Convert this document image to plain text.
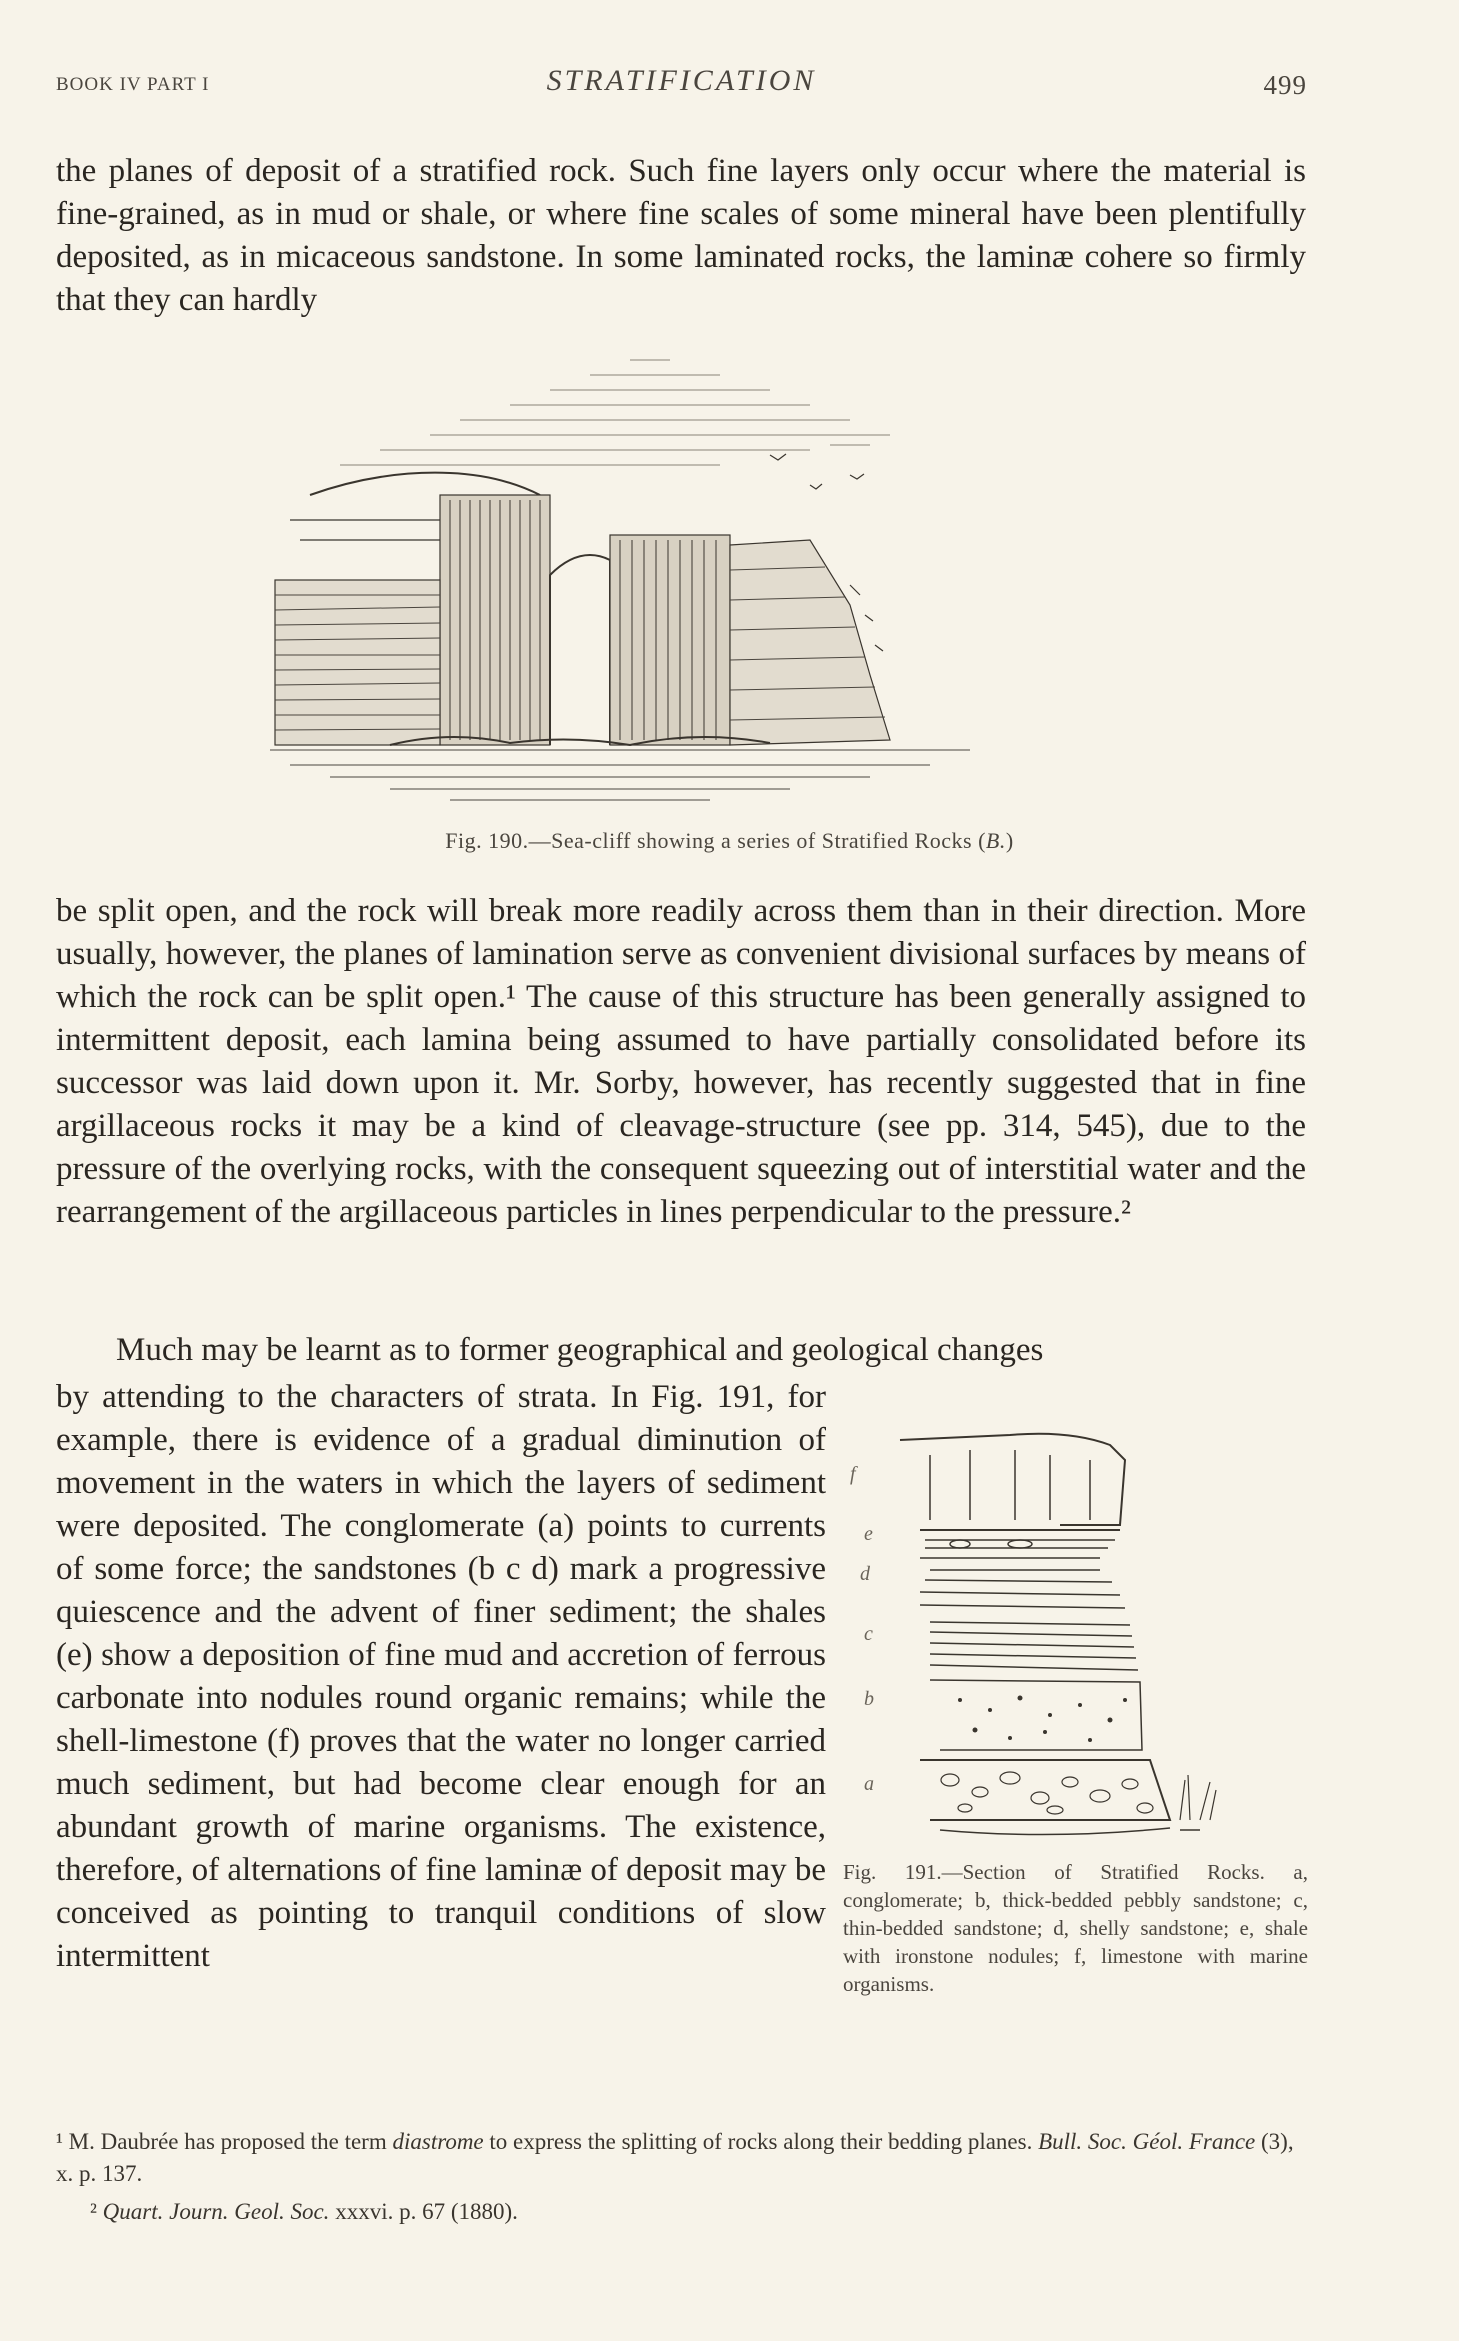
BOOK IV PART I	STRATIFICATION	499

the planes of deposit of a stratified rock. Such fine layers only occur where the material is fine-grained, as in mud or shale, or where fine scales of some mineral have been plentifully deposited, as in micaceous sandstone. In some laminated rocks, the laminæ cohere so firmly that they can hardly

Fig. 190.—Sea-cliff showing a series of Stratified Rocks (B.)

be split open, and the rock will break more readily across them than in their direction. More usually, however, the planes of lamination serve as convenient divisional surfaces by means of which the rock can be split open.¹ The cause of this structure has been generally assigned to intermittent deposit, each lamina being assumed to have partially consolidated before its successor was laid down upon it. Mr. Sorby, however, has recently suggested that in fine argillaceous rocks it may be a kind of cleavage-structure (see pp. 314, 545), due to the pressure of the overlying rocks, with the consequent squeezing out of interstitial water and the rearrangement of the argillaceous particles in lines perpendicular to the pressure.²

Much may be learnt as to former geographical and geological changes

by attending to the characters of strata. In Fig. 191, for example, there is evidence of a gradual diminution of movement in the waters in which the layers of sediment were deposited. The conglomerate (a) points to currents of some force; the sandstones (b c d) mark a progressive quiescence and the advent of finer sediment; the shales (e) show a deposition of fine mud and accretion of ferrous carbonate into nodules round organic remains; while the shell-limestone (f) proves that the water no longer carried much sediment, but had become clear enough for an abundant growth of marine organisms. The existence, therefore, of alternations of fine laminæ of deposit may be conceived as pointing to tranquil conditions of slow intermittent

f
e
d
c
b
a
Fig. 191.—Section of Stratified Rocks. a, conglomerate; b, thick-bedded pebbly sandstone; c, thin-bedded sandstone; d, shelly sandstone; e, shale with ironstone nodules; f, limestone with marine organisms.

¹ M. Daubrée has proposed the term diastrome to express the splitting of rocks along their bedding planes. Bull. Soc. Géol. France (3), x. p. 137.

² Quart. Journ. Geol. Soc. xxxvi. p. 67 (1880).
